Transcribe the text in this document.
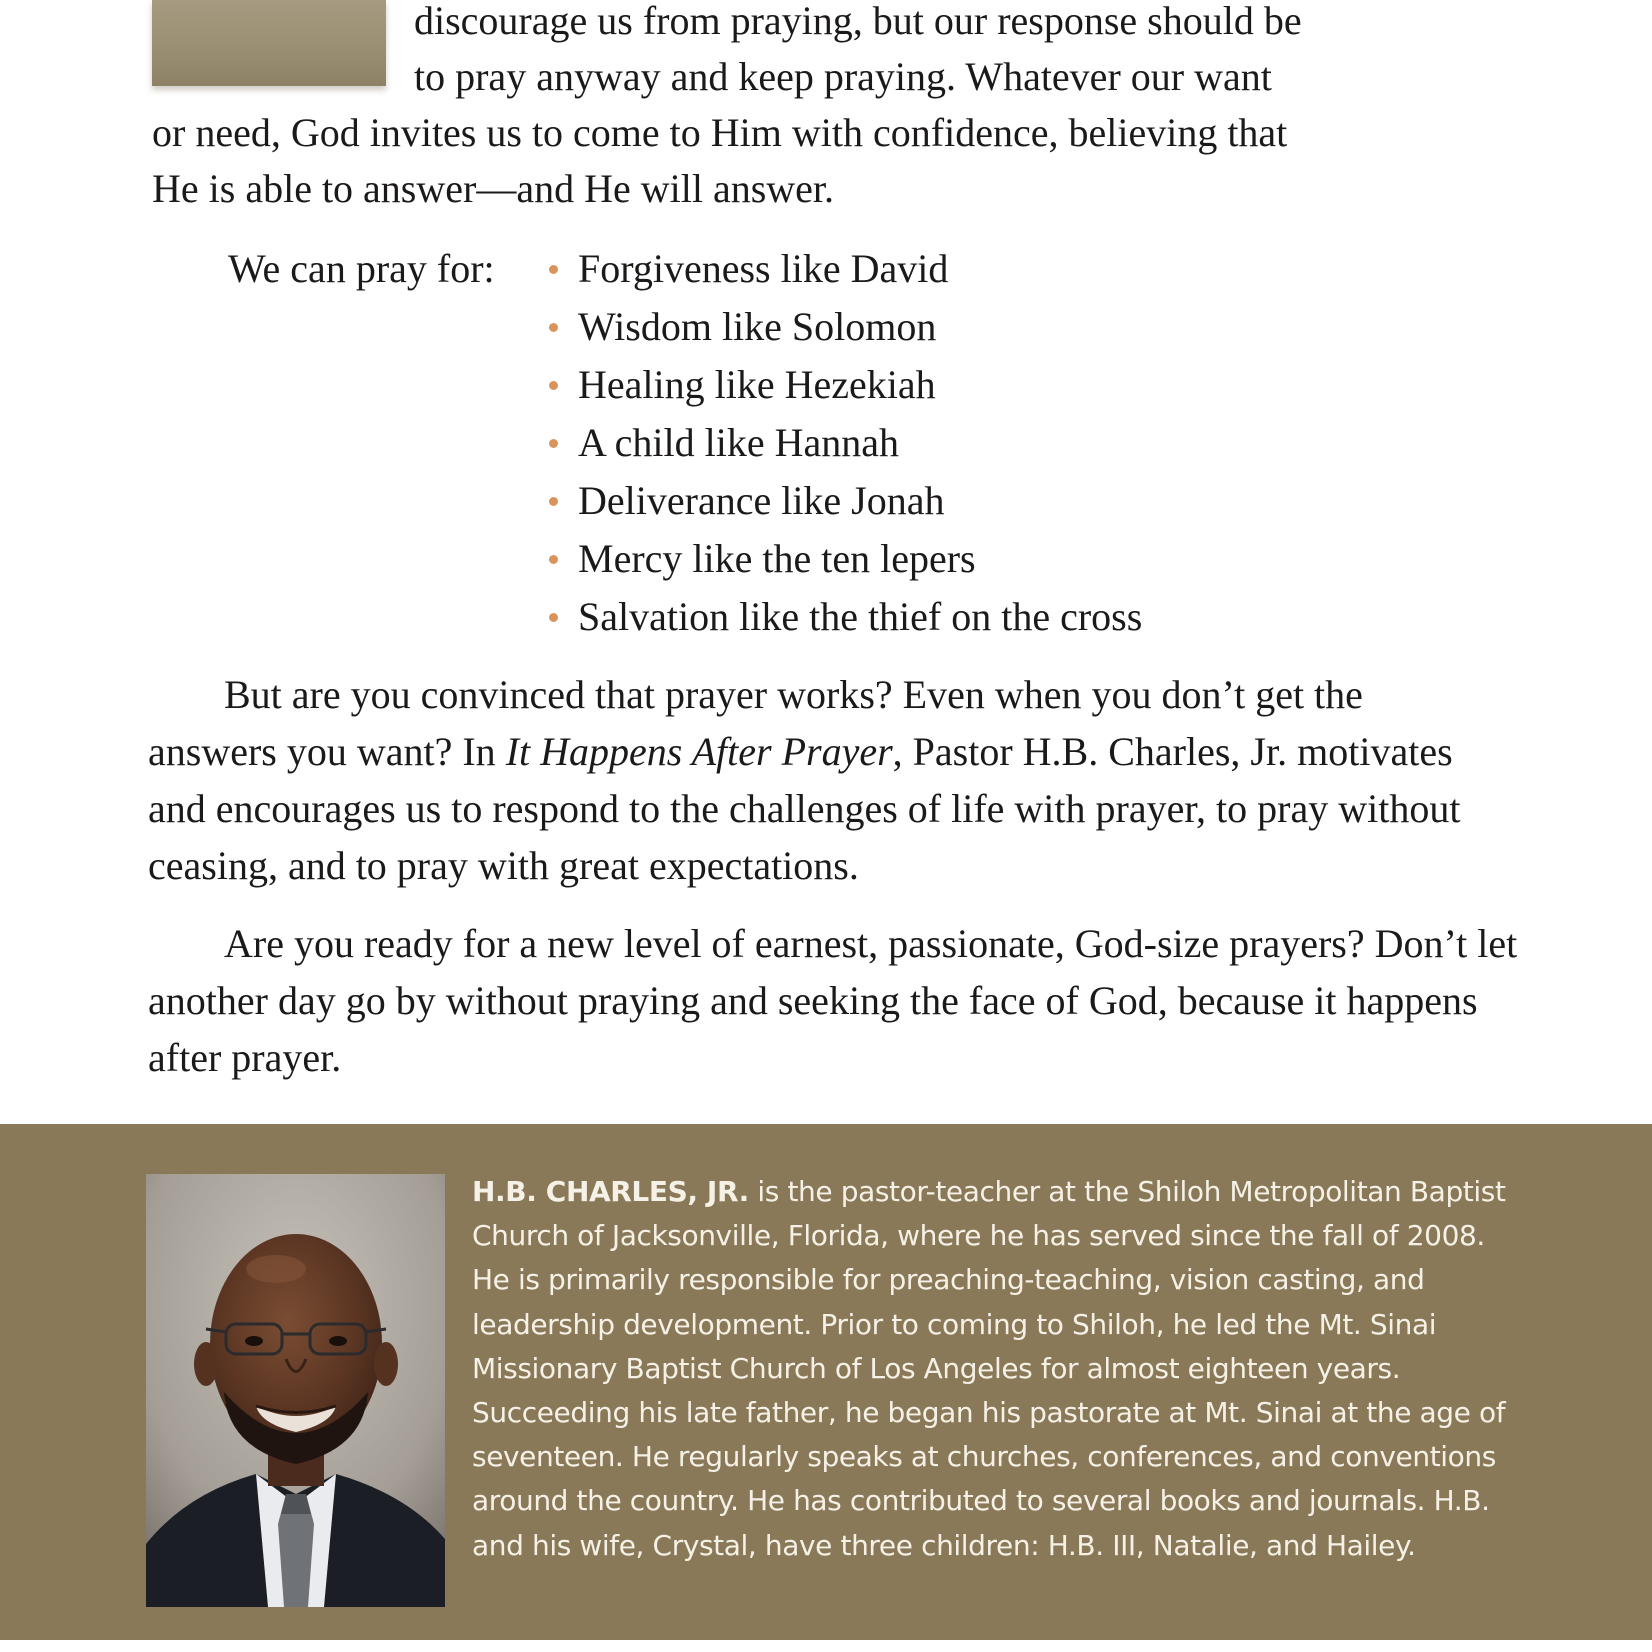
discourage us from praying, but our response should be
to pray anyway and keep praying. Whatever our want
or need, God invites us to come to Him with confidence, believing that
He is able to answer—and He will answer.
We can pray for:	Forgiveness like David
Wisdom like Solomon
Healing like Hezekiah
A child like Hannah
Deliverance like Jonah
Mercy like the ten lepers
Salvation like the thief on the cross

But are you convinced that prayer works? Even when you don’t get the answers you want? In It Happens After Prayer, Pastor H.B. Charles, Jr. motivates and encourages us to respond to the challenges of life with prayer, to pray without ceasing, and to pray with great expectations.

Are you ready for a new level of earnest, passionate, God-size prayers? Don’t let another day go by without praying and seeking the face of God, because it happens after prayer.

H.B. CHARLES, JR. is the pastor-teacher at the Shiloh Metropolitan Baptist Church of Jacksonville, Florida, where he has served since the fall of 2008. He is primarily responsible for preaching-teaching, vision casting, and leadership development. Prior to coming to Shiloh, he led the Mt. Sinai Missionary Baptist Church of Los Angeles for almost eighteen years. Succeeding his late father, he began his pastorate at Mt. Sinai at the age of seventeen. He regularly speaks at churches, conferences, and conventions around the country. He has contributed to several books and journals. H.B. and his wife, Crystal, have three children: H.B. III, Natalie, and Hailey.
